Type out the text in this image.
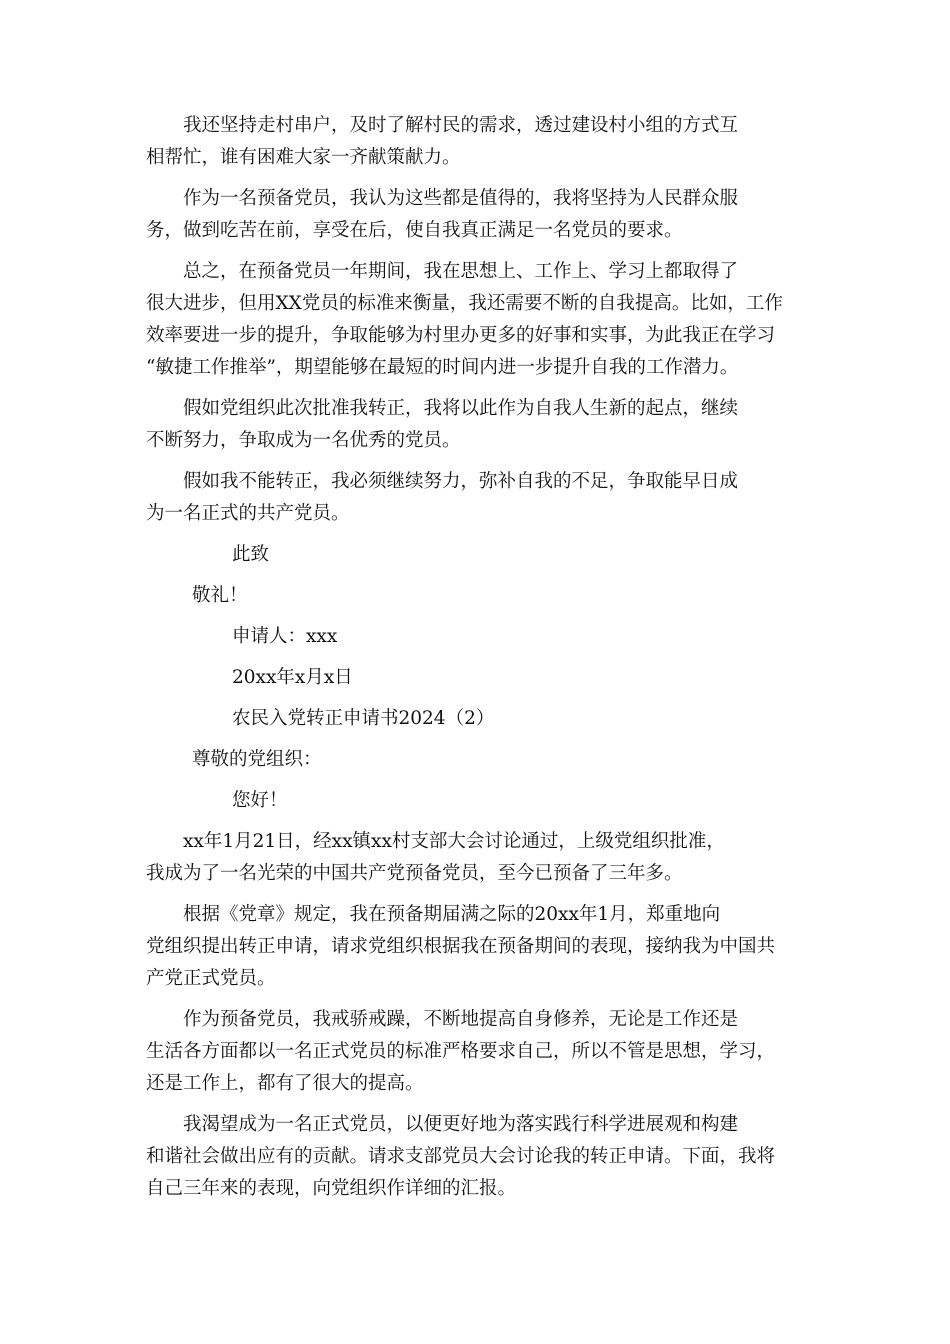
我还坚持走村串户，及时了解村民的需求，透过建设村小组的方式互
相帮忙，谁有困难大家一齐献策献力。

作为一名预备党员，我认为这些都是值得的，我将坚持为人民群众服
务，做到吃苦在前，享受在后，使自我真正满足一名党员的要求。

总之，在预备党员一年期间，我在思想上、工作上、学习上都取得了
很大进步，但用XX党员的标准来衡量，我还需要不断的自我提高。比如，工作
效率要进一步的提升，争取能够为村里办更多的好事和实事，为此我正在学习
“敏捷工作推举”，期望能够在最短的时间内进一步提升自我的工作潜力。

假如党组织此次批准我转正，我将以此作为自我人生新的起点，继续
不断努力，争取成为一名优秀的党员。

假如我不能转正，我必须继续努力，弥补自我的不足，争取能早日成
为一名正式的共产党员。

此致
敬礼！
申请人：xxx
20xx年x月x日
农民入党转正申请书2024（2）
尊敬的党组织：
您好！

xx年1月21日，经xx镇xx村支部大会讨论通过，上级党组织批准，
我成为了一名光荣的中国共产党预备党员，至今已预备了三年多。

根据《党章》规定，我在预备期届满之际的20xx年1月，郑重地向
党组织提出转正申请，请求党组织根据我在预备期间的表现，接纳我为中国共
产党正式党员。

作为预备党员，我戒骄戒躁，不断地提高自身修养，无论是工作还是
生活各方面都以一名正式党员的标准严格要求自己，所以不管是思想，学习，
还是工作上，都有了很大的提高。

我渴望成为一名正式党员，以便更好地为落实践行科学进展观和构建
和谐社会做出应有的贡献。请求支部党员大会讨论我的转正申请。下面，我将
自己三年来的表现，向党组织作详细的汇报。
